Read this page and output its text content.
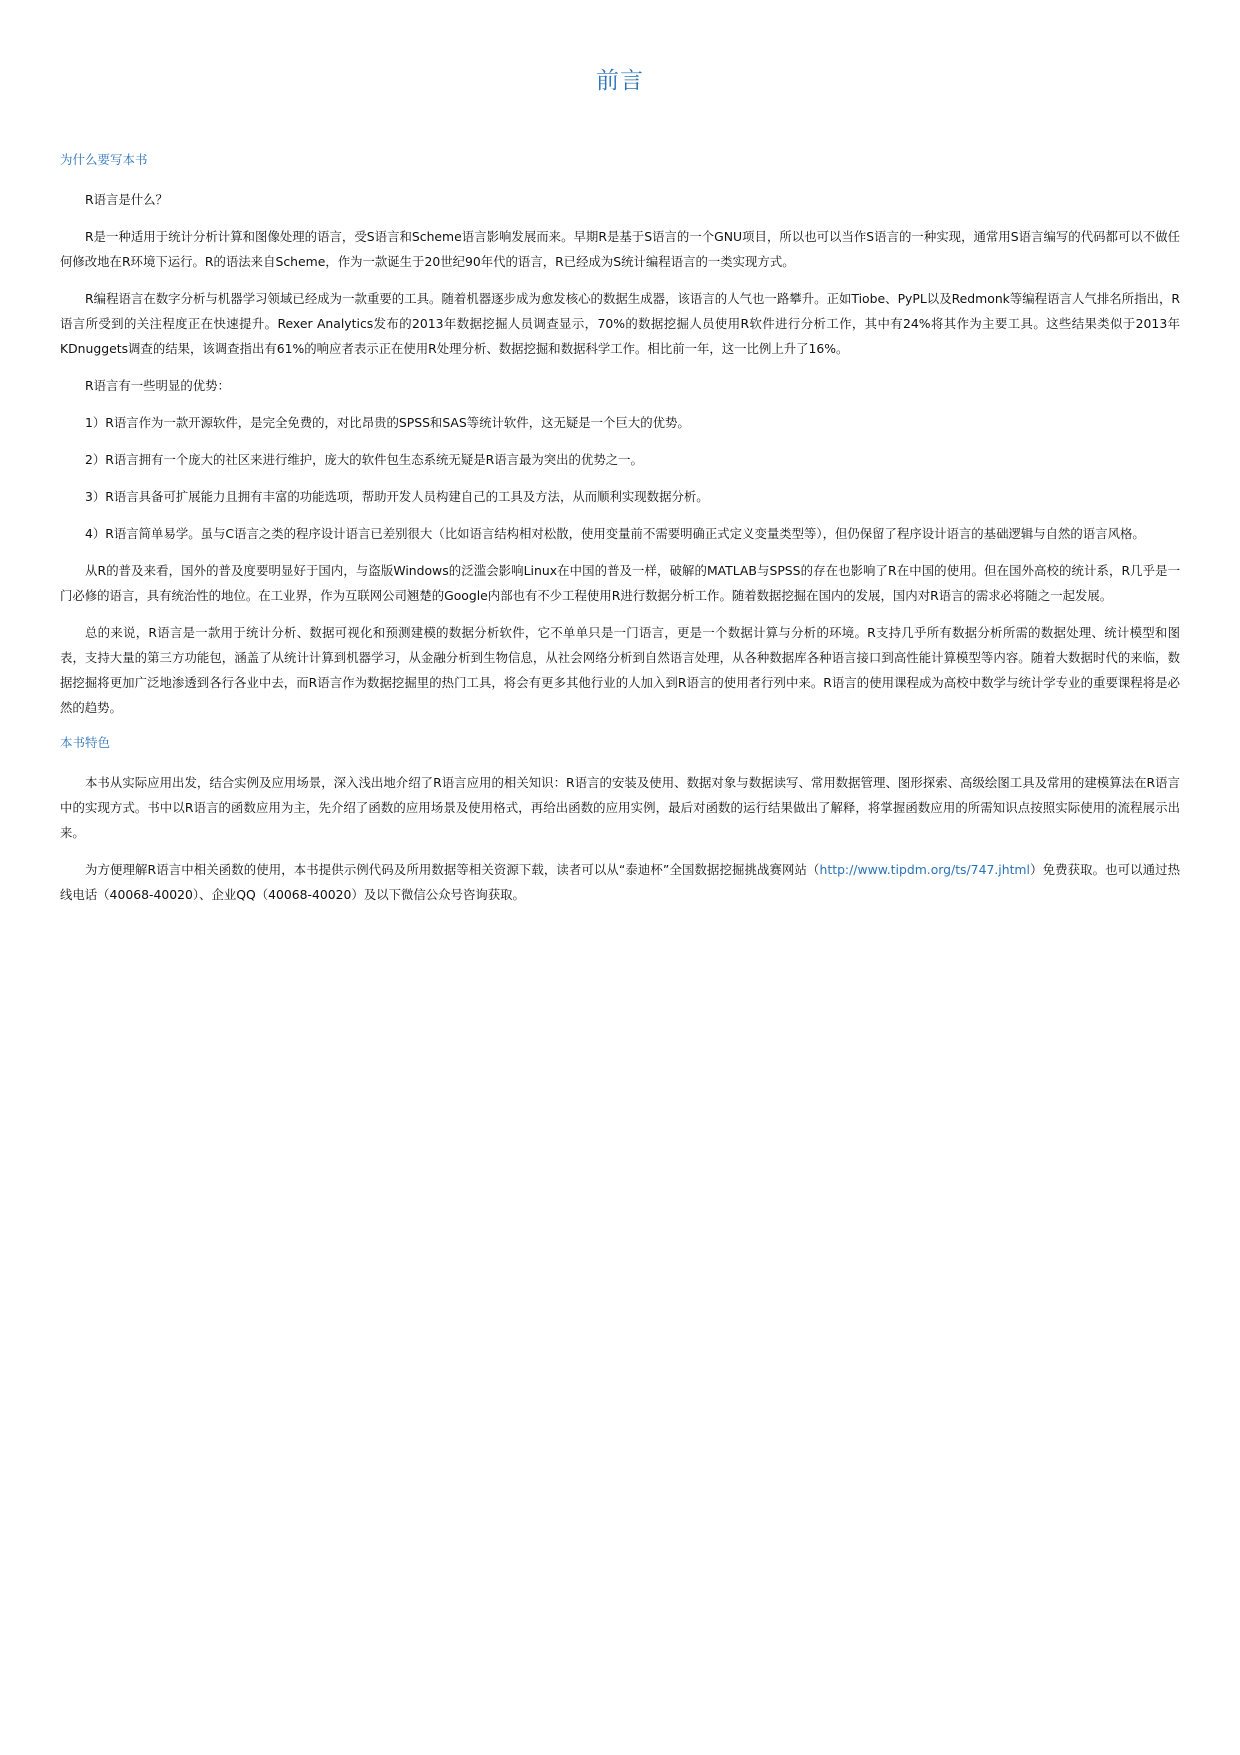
前言
为什么要写本书

R语言是什么？

R是一种适用于统计分析计算和图像处理的语言，受S语言和Scheme语言影响发展而来。早期R是基于S语言的一个GNU项目，所以也可以当作S语言的一种实现，通常用S语言编写的代码都可以不做任何修改地在R环境下运行。R的语法来自Scheme，作为一款诞生于20世纪90年代的语言，R已经成为S统计编程语言的一类实现方式。

R编程语言在数字分析与机器学习领域已经成为一款重要的工具。随着机器逐步成为愈发核心的数据生成器，该语言的人气也一路攀升。正如Tiobe、PyPL以及Redmonk等编程语言人气排名所指出，R语言所受到的关注程度正在快速提升。Rexer Analytics发布的2013年数据挖掘人员调查显示，70%的数据挖掘人员使用R软件进行分析工作，其中有24%将其作为主要工具。这些结果类似于2013年KDnuggets调查的结果，该调查指出有61%的响应者表示正在使用R处理分析、数据挖掘和数据科学工作。相比前一年，这一比例上升了16%。

R语言有一些明显的优势：

1）R语言作为一款开源软件，是完全免费的，对比昂贵的SPSS和SAS等统计软件，这无疑是一个巨大的优势。

2）R语言拥有一个庞大的社区来进行维护，庞大的软件包生态系统无疑是R语言最为突出的优势之一。

3）R语言具备可扩展能力且拥有丰富的功能选项，帮助开发人员构建自己的工具及方法，从而顺利实现数据分析。

4）R语言简单易学。虽与C语言之类的程序设计语言已差别很大（比如语言结构相对松散，使用变量前不需要明确正式定义变量类型等），但仍保留了程序设计语言的基础逻辑与自然的语言风格。

从R的普及来看，国外的普及度要明显好于国内，与盗版Windows的泛滥会影响Linux在中国的普及一样，破解的MATLAB与SPSS的存在也影响了R在中国的使用。但在国外高校的统计系，R几乎是一门必修的语言，具有统治性的地位。在工业界，作为互联网公司翘楚的Google内部也有不少工程使用R进行数据分析工作。随着数据挖掘在国内的发展，国内对R语言的需求必将随之一起发展。

总的来说，R语言是一款用于统计分析、数据可视化和预测建模的数据分析软件，它不单单只是一门语言，更是一个数据计算与分析的环境。R支持几乎所有数据分析所需的数据处理、统计模型和图表，支持大量的第三方功能包，涵盖了从统计计算到机器学习，从金融分析到生物信息，从社会网络分析到自然语言处理，从各种数据库各种语言接口到高性能计算模型等内容。随着大数据时代的来临，数据挖掘将更加广泛地渗透到各行各业中去，而R语言作为数据挖掘里的热门工具，将会有更多其他行业的人加入到R语言的使用者行列中来。R语言的使用课程成为高校中数学与统计学专业的重要课程将是必然的趋势。

本书特色

本书从实际应用出发，结合实例及应用场景，深入浅出地介绍了R语言应用的相关知识：R语言的安装及使用、数据对象与数据读写、常用数据管理、图形探索、高级绘图工具及常用的建模算法在R语言中的实现方式。书中以R语言的函数应用为主，先介绍了函数的应用场景及使用格式，再给出函数的应用实例，最后对函数的运行结果做出了解释，将掌握函数应用的所需知识点按照实际使用的流程展示出来。

为方便理解R语言中相关函数的使用，本书提供示例代码及所用数据等相关资源下载，读者可以从“泰迪杯”全国数据挖掘挑战赛网站（http://www.tipdm.org/ts/747.jhtml）免费获取。也可以通过热线电话（40068-40020）、企业QQ（40068-40020）及以下微信公众号咨询获取。
